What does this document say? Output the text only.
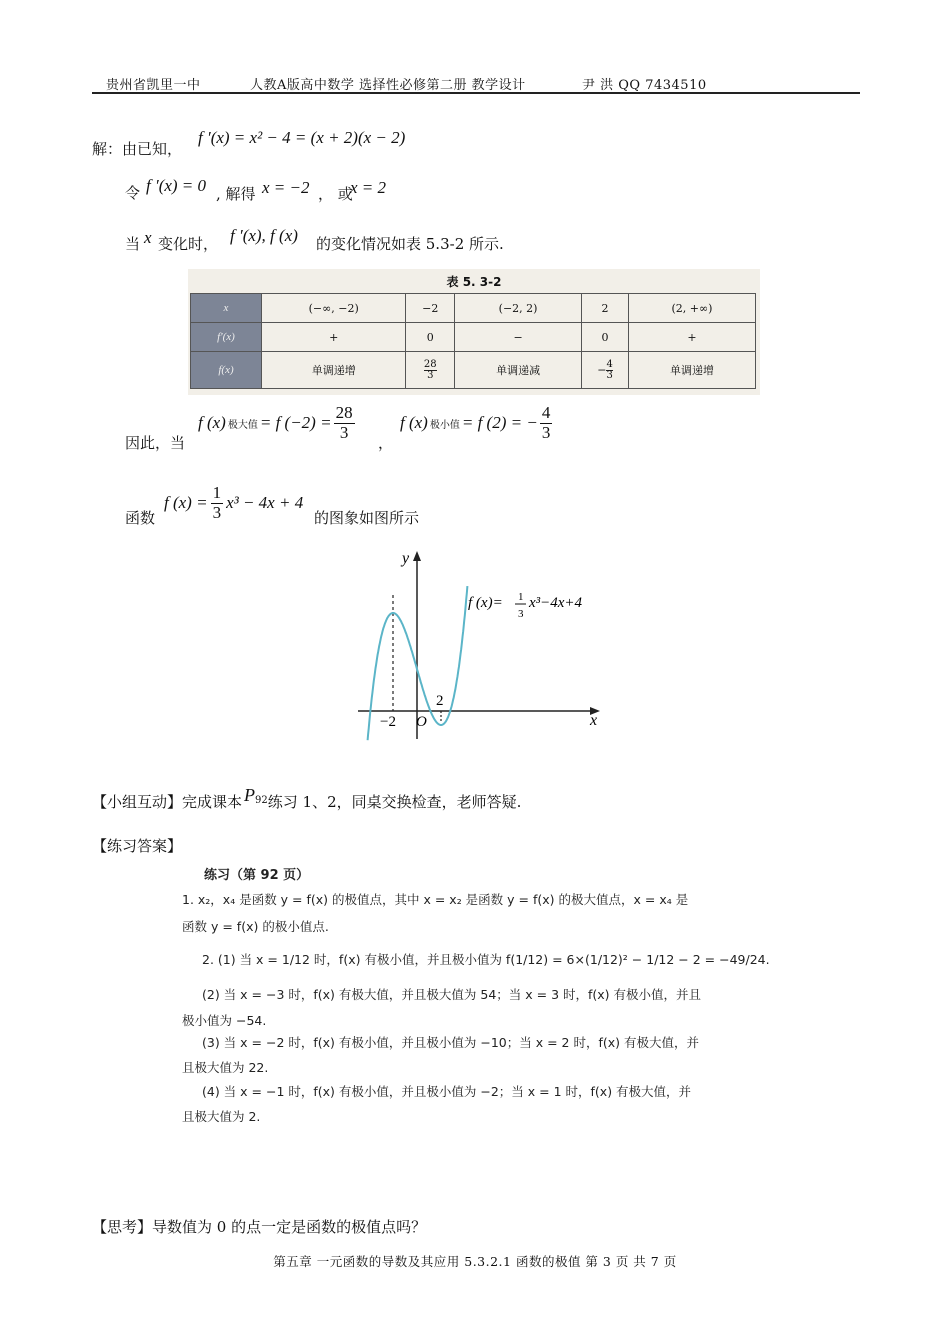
贵州省凯里一中	人教A版高中数学 选择性必修第二册 教学设计	尹 洪 QQ 7434510
解：由已知，
f ′(x) = x² − 4 = (x + 2)(x − 2)
令 f ′(x) = 0 , 解得 x = −2 ， 或
x = 2
当 x 变化时， f ′(x), f (x) 的变化情况如表 5.3-2 所示.
表 5. 3-2
x	(−∞, −2)	−2	(−2, 2)	2	(2, +∞)
f′(x)	+	0	−	0	+
f(x)	单调递增	$\frac{28}{3}$	单调递减	− $\frac{4}{3}$	单调递增
因此，当
f (x) 极大值 = f $(-2) = \frac{28}{3}$
，
f (x) 极小值 = f (2) = − $\frac{4}{3}$
函数
f $(x) = \frac{1}{3} x^3 - 4x + 4$
的图象如图所示
y
x
O
−2
2
f (x)= 1
3
x³−4x+4
【小组互动】完成课本 $P^{92}$练习 1、2，同桌交换检查，老师答疑.
【练习答案】
练习（第 92 页）
1. x₂，x₄ 是函数 y = f(x) 的极值点，其中 x = x₂ 是函数 y = f(x) 的极大值点，x = x₄ 是
函数 y = f(x) 的极小值点.
2. (1) 当 x = 1/12 时，f(x) 有极小值，并且极小值为 f(1/12) = 6×(1/12)² − 1/12 − 2 = −49/24.
(2) 当 x = −3 时，f(x) 有极大值，并且极大值为 54；当 x = 3 时，f(x) 有极小值，并且
极小值为 −54.
(3) 当 x = −2 时，f(x) 有极小值，并且极小值为 −10；当 x = 2 时，f(x) 有极大值，并
且极大值为 22.
(4) 当 x = −1 时，f(x) 有极小值，并且极小值为 −2；当 x = 1 时，f(x) 有极大值，并
且极大值为 2.
【思考】导数值为 0 的点一定是函数的极值点吗？
第五章 一元函数的导数及其应用 5.3.2.1 函数的极值 第 3 页 共 7 页
